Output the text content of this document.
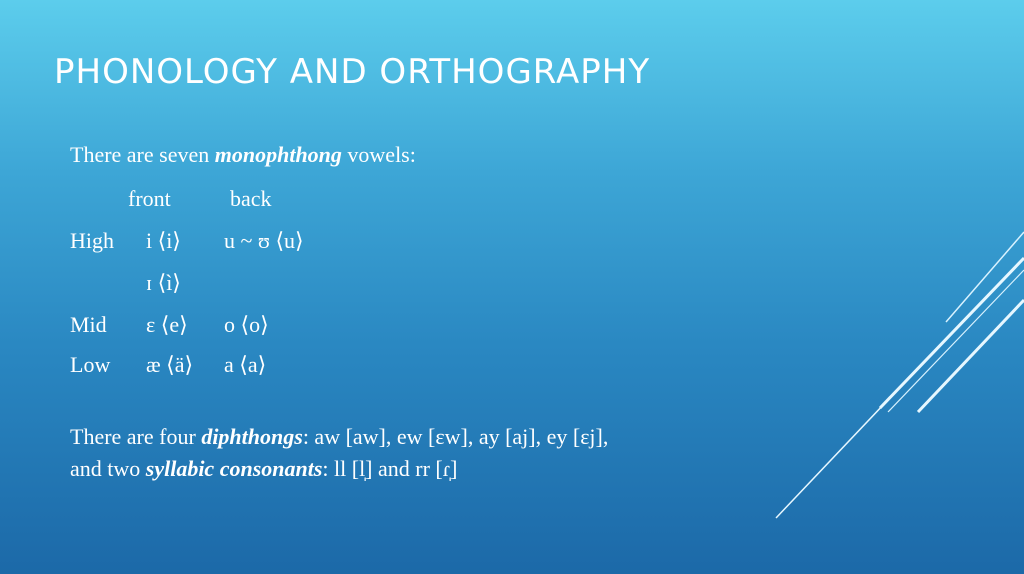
PHONOLOGY AND ORTHOGRAPHY
There are seven monophthong vowels:
front	back
High i ⟨i⟩ u ~ ʊ ⟨u⟩
ɪ ⟨ì⟩
Mid ɛ ⟨e⟩ o ⟨o⟩
Low æ ⟨ä⟩ a ⟨a⟩
There are four diphthongs: aw [aw], ew [ɛw], ay [aj], ey [ɛj],
and two syllabic consonants: ll [l̩] and rr [ɾ̩]
